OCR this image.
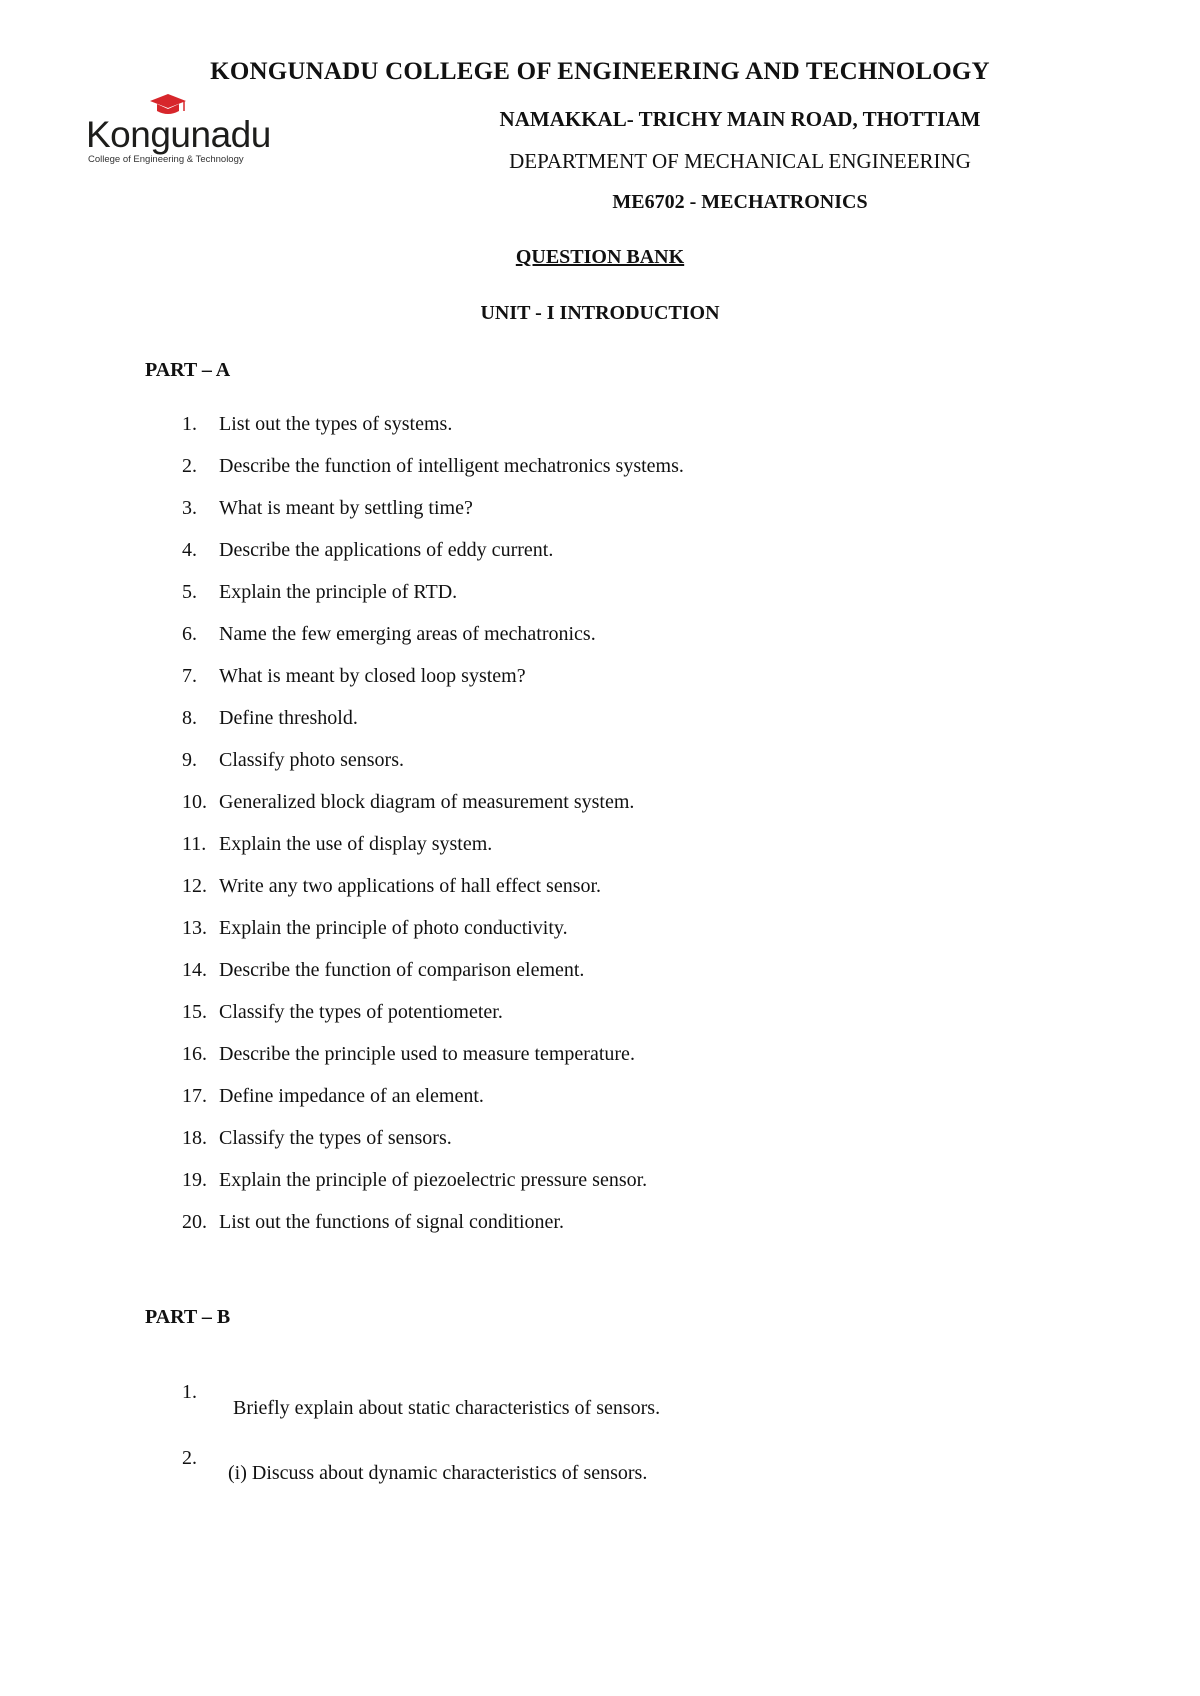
Kongunadu
College of Engineering & Technology
KONGUNADU COLLEGE OF ENGINEERING AND TECHNOLOGY
NAMAKKAL- TRICHY MAIN ROAD, THOTTIAM
DEPARTMENT OF MECHANICAL ENGINEERING
ME6702 - MECHATRONICS
QUESTION BANK
UNIT - I INTRODUCTION
PART – A
1. List out the types of systems.
2. Describe the function of intelligent mechatronics systems.
3. What is meant by settling time?
4. Describe the applications of eddy current.
5. Explain the principle of RTD.
6. Name the few emerging areas of mechatronics.
7. What is meant by closed loop system?
8. Define threshold.
9. Classify photo sensors.
10. Generalized block diagram of measurement system.
11. Explain the use of display system.
12. Write any two applications of hall effect sensor.
13. Explain the principle of photo conductivity.
14. Describe the function of comparison element.
15. Classify the types of potentiometer.
16. Describe the principle used to measure temperature.
17. Define impedance of an element.
18. Classify the types of sensors.
19. Explain the principle of piezoelectric pressure sensor.
20. List out the functions of signal conditioner.
PART – B
1.
Briefly explain about static characteristics of sensors.
2.
(i) Discuss about dynamic characteristics of sensors.
